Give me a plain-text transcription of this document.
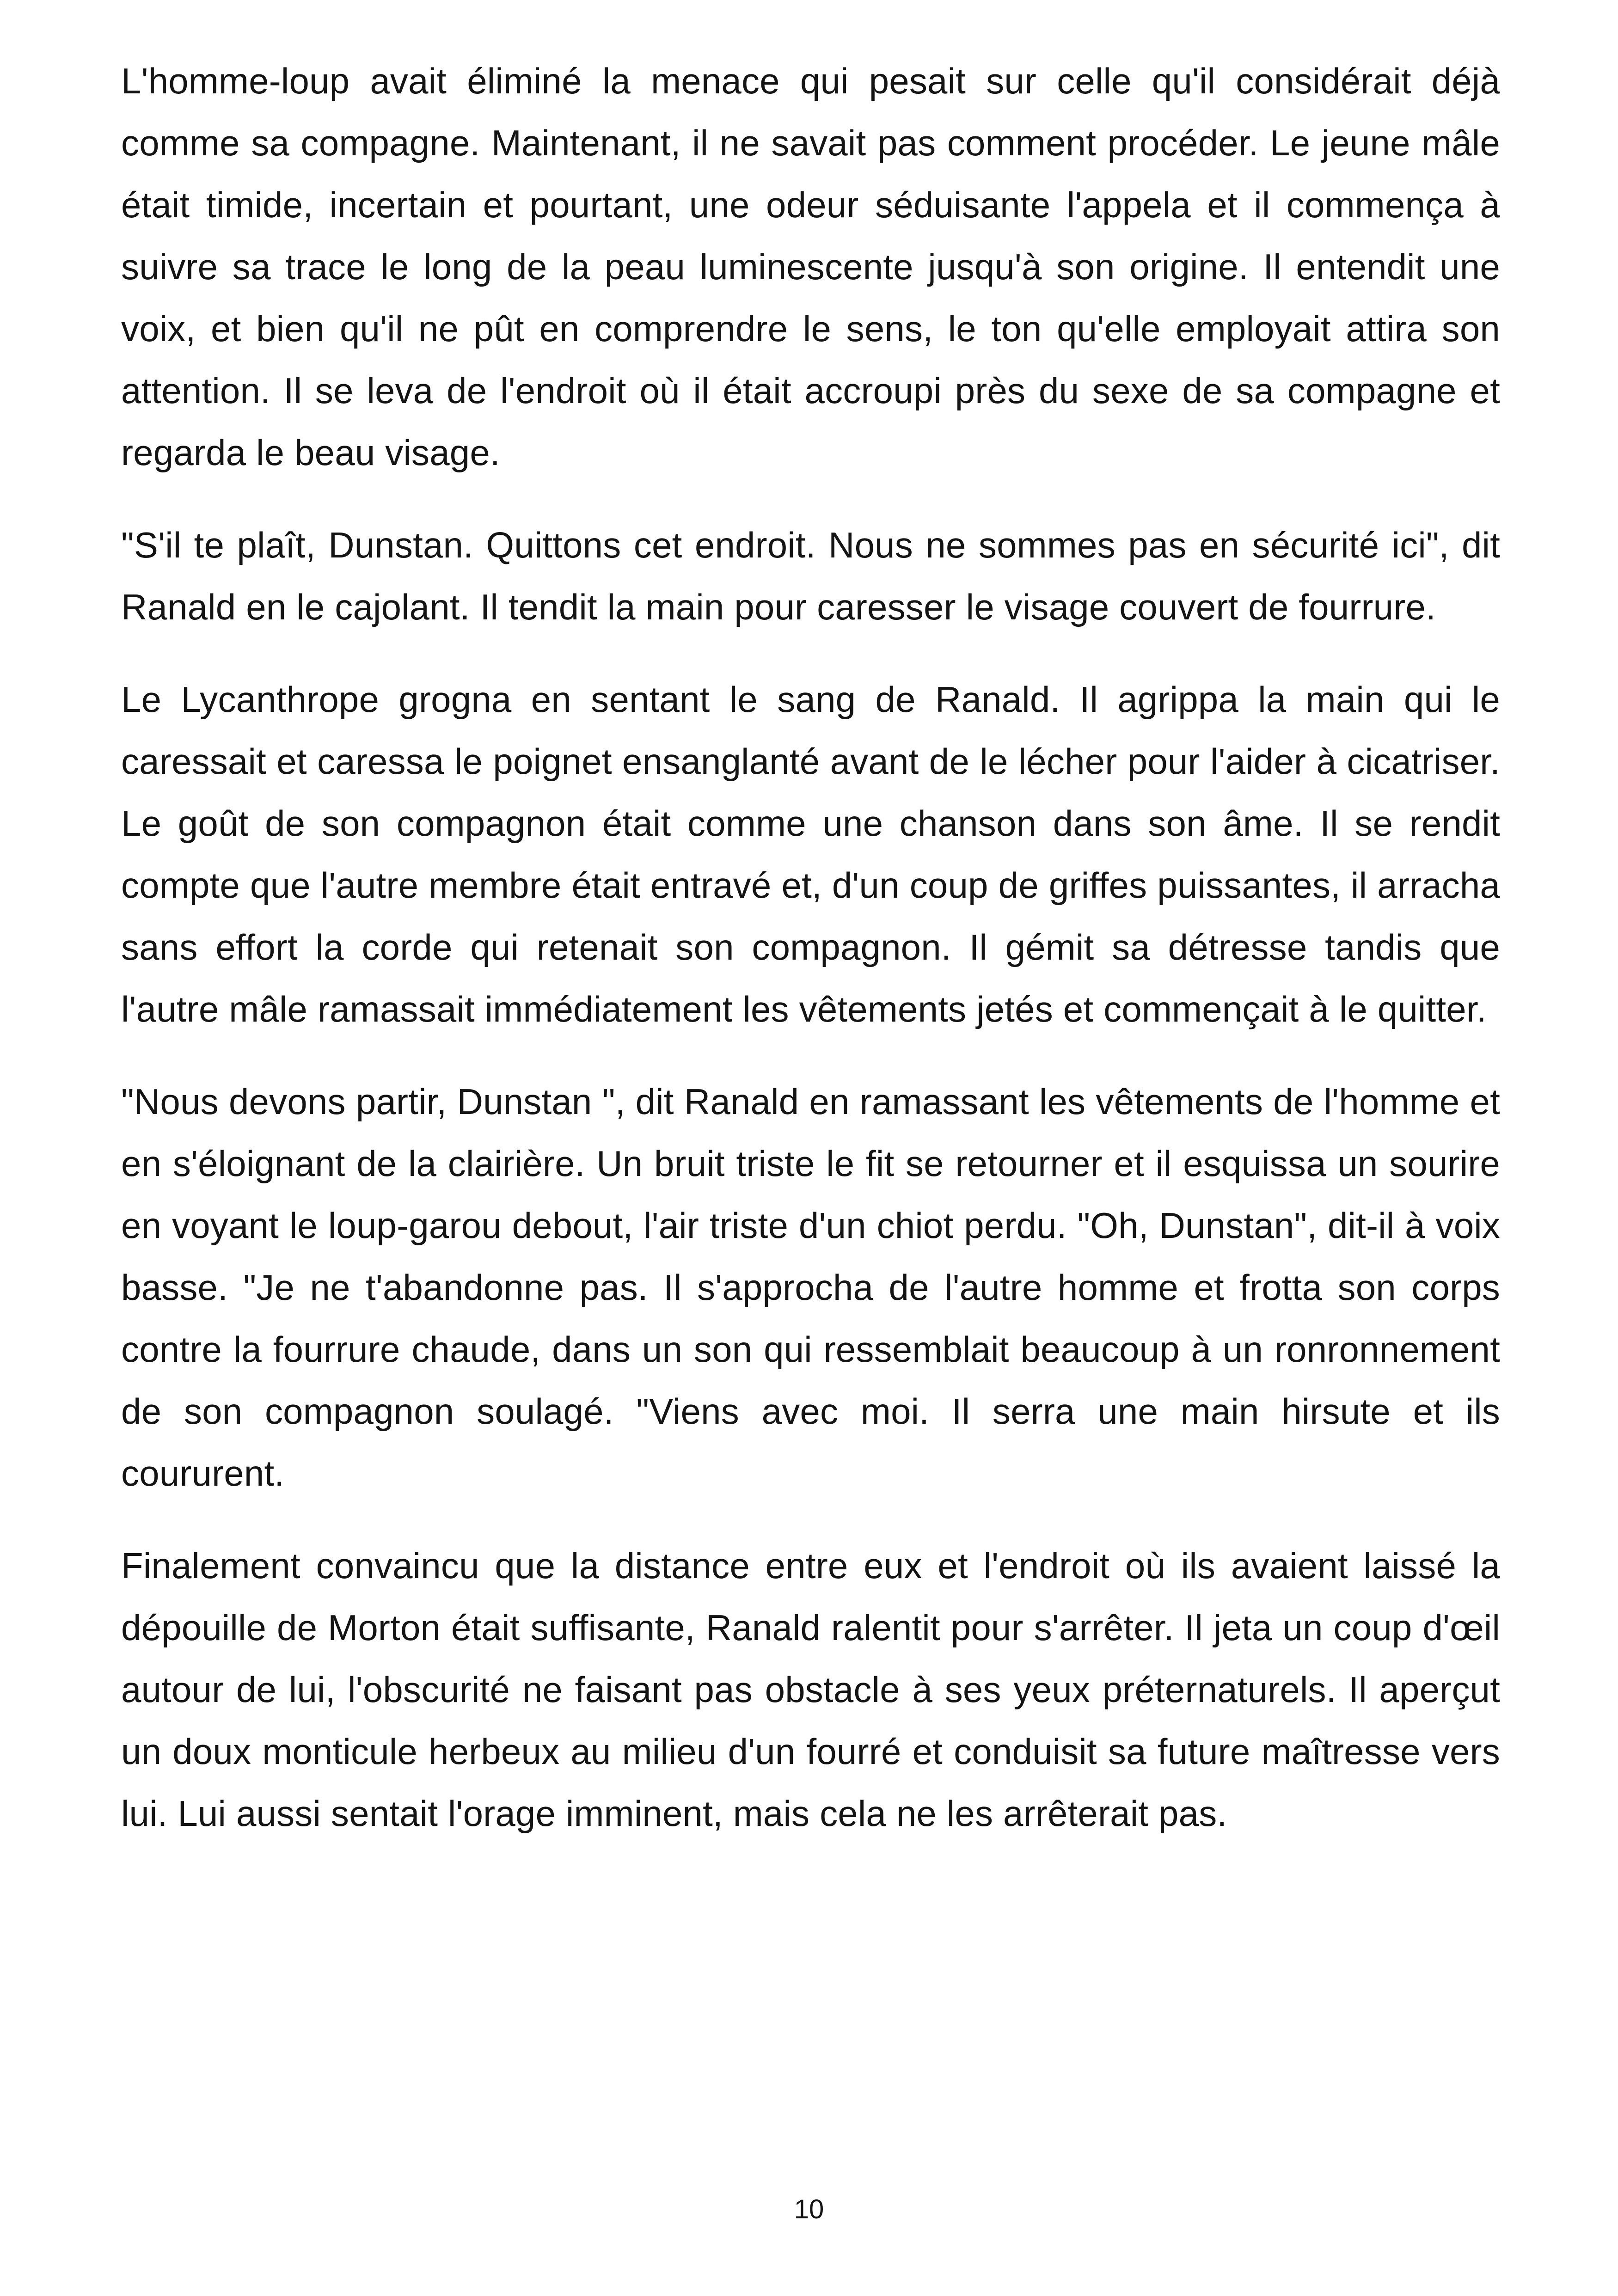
L'homme-loup avait éliminé la menace qui pesait sur celle qu'il considérait déjà comme sa compagne. Maintenant, il ne savait pas comment procéder. Le jeune mâle était timide, incertain et pourtant, une odeur séduisante l'appela et il commença à suivre sa trace le long de la peau luminescente jusqu'à son origine. Il entendit une voix, et bien qu'il ne pût en comprendre le sens, le ton qu'elle employait attira son attention. Il se leva de l'endroit où il était accroupi près du sexe de sa compagne et regarda le beau visage.

"S'il te plaît, Dunstan. Quittons cet endroit. Nous ne sommes pas en sécurité ici", dit Ranald en le cajolant. Il tendit la main pour caresser le visage couvert de fourrure.

Le Lycanthrope grogna en sentant le sang de Ranald. Il agrippa la main qui le caressait et caressa le poignet ensanglanté avant de le lécher pour l'aider à cicatriser. Le goût de son compagnon était comme une chanson dans son âme. Il se rendit compte que l'autre membre était entravé et, d'un coup de griffes puissantes, il arracha sans effort la corde qui retenait son compagnon. Il gémit sa détresse tandis que l'autre mâle ramassait immédiatement les vêtements jetés et commençait à le quitter.

"Nous devons partir, Dunstan ", dit Ranald en ramassant les vêtements de l'homme et en s'éloignant de la clairière. Un bruit triste le fit se retourner et il esquissa un sourire en voyant le loup-garou debout, l'air triste d'un chiot perdu. "Oh, Dunstan", dit-il à voix basse. "Je ne t'abandonne pas. Il s'approcha de l'autre homme et frotta son corps contre la fourrure chaude, dans un son qui ressemblait beaucoup à un ronronnement de son compagnon soulagé. "Viens avec moi. Il serra une main hirsute et ils coururent.

Finalement convaincu que la distance entre eux et l'endroit où ils avaient laissé la dépouille de Morton était suffisante, Ranald ralentit pour s'arrêter. Il jeta un coup d'œil autour de lui, l'obscurité ne faisant pas obstacle à ses yeux préternaturels. Il aperçut un doux monticule herbeux au milieu d'un fourré et conduisit sa future maîtresse vers lui. Lui aussi sentait l'orage imminent, mais cela ne les arrêterait pas.

10
